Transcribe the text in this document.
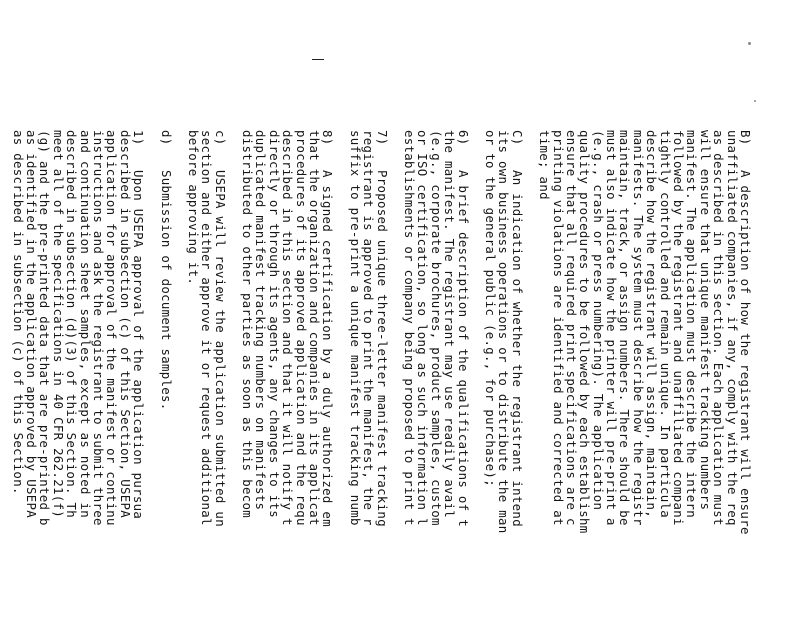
B)A description of how the registrant will ensure
unaffiliated companies, if any, comply with the req
as described in this section. Each application must
will ensure that unique manifest tracking numbers
manifest. The application must describe the intern
followed by the registrant and unaffiliated compani
tightly controlled and remain unique. In particula
describe how the registrant will assign, maintain,
manifests. The system must describe how the registr
maintain, track, or assign numbers. There should be
must also indicate how the printer will pre-print a
(e.g., crash or press numbering). The application
quality procedures to be followed by each establishm
ensure that all required print specifications are c
printing violations are identified and corrected at
time; and
C)An indication of whether the registrant intend
its own business operations or to distribute the man
or to the general public (e.g., for purchase);
6)A brief description of the qualifications of t
the manifest. The registrant may use readily avail
(e.g., corporate brochures, product samples, custom
or ISO certification, so long as such information l
establishments or company being proposed to print t
7)Proposed unique three-letter manifest tracking
registrant is approved to print the manifest, the r
suffix to pre-print a unique manifest tracking numb
8)A signed certification by a duly authorized em
that the organization and companies in its applicat
procedures of its approved application and the requ
described in this section and that it will notify t
directly or through its agents, any changes to its
duplicated manifest tracking numbers on manifests
distributed to other parties as soon as this becom
c)USEPA will review the application submitted un
section and either approve it or request additional
before approving it.
d)Submission of document samples.
1)Upon USEPA approval of the application pursua
described in subsection (c) of this Section, USEPA
application for approval of the manifest or continu
instructions and ask the registrant to submit three
and continuation sheet samples, except as noted in
described in subsection (d)(3) of this Section. Th
meet all of the specifications in 40 CFR 262.21(f)
(g) and the pre-printed data that are pre-printed b
as identified in the application approved by USEPA
as described in subsection (c) of this Section.
